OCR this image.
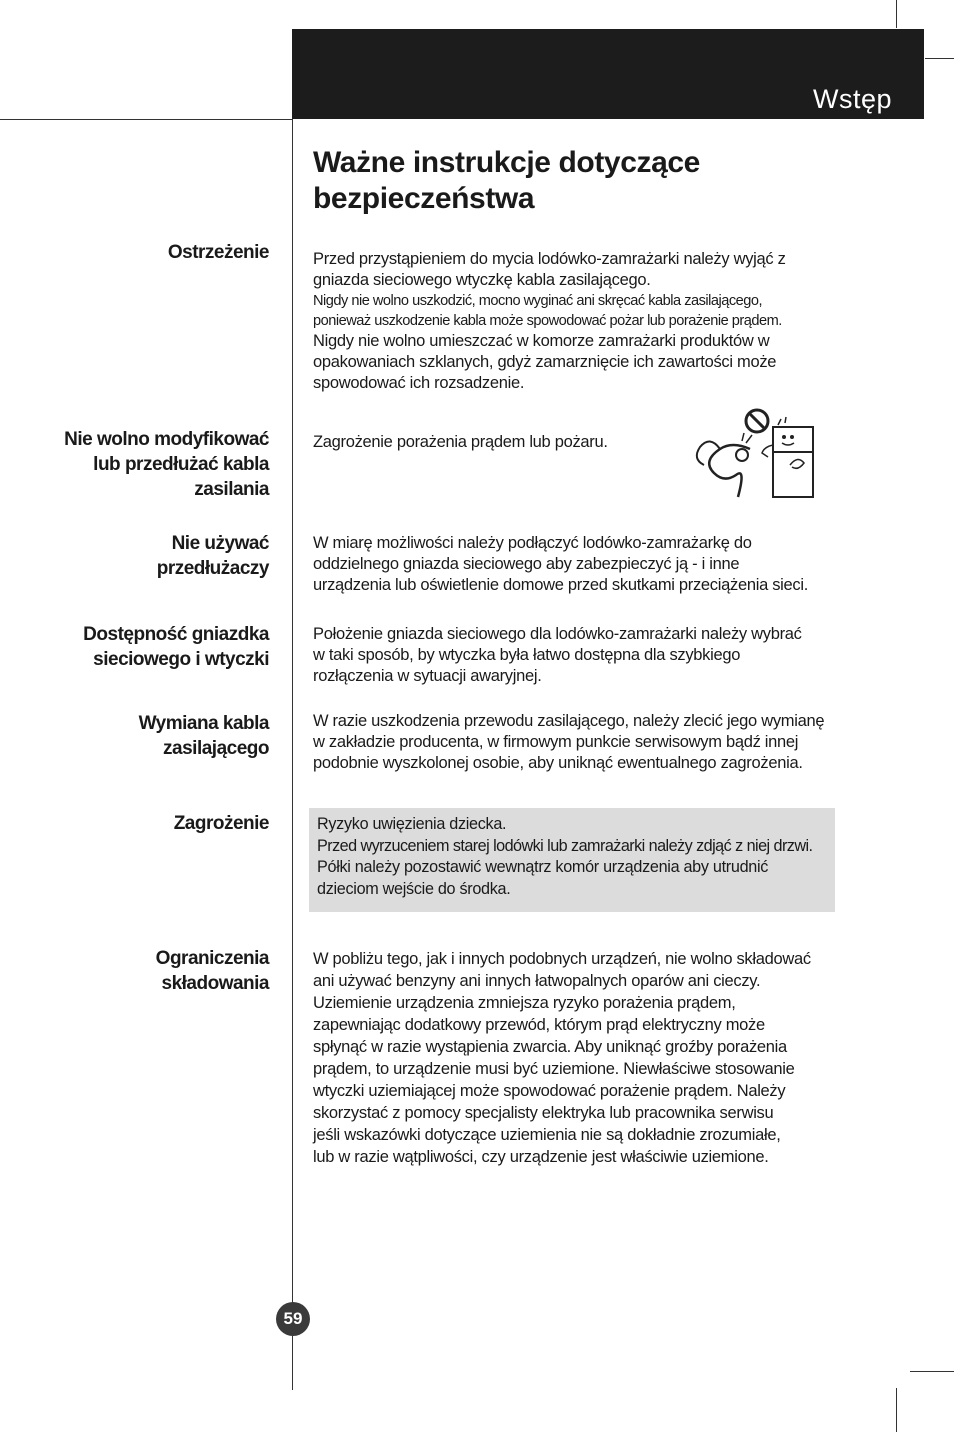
Wstęp
Ważne instrukcje dotyczące
bezpieczeństwa
Ostrzeżenie	Przed przystąpieniem do mycia lodówko-zamrażarki należy wyjąć z
gniazda sieciowego wtyczkę kabla zasilającego.
Nigdy nie wolno uszkodzić, mocno wyginać ani skręcać kabla zasilającego,
ponieważ uszkodzenie kabla może spowodować pożar lub porażenie prądem.
Nigdy nie wolno umieszczać w komorze zamrażarki produktów w
opakowaniach szklanych, gdyż zamarznięcie ich zawartości może
spowodować ich rozsadzenie.
Nie wolno modyfikować
lub przedłużać kabla
zasilania
Zagrożenie porażenia prądem lub pożaru.
Nie używać
przedłużaczy
W miarę możliwości należy podłączyć lodówko-zamrażarkę do
oddzielnego gniazda sieciowego aby zabezpieczyć ją - i inne
urządzenia lub oświetlenie domowe przed skutkami przeciążenia sieci.
Dostępność gniazdka
sieciowego i wtyczki
Położenie gniazda sieciowego dla lodówko-zamrażarki należy wybrać
w taki sposób, by wtyczka była łatwo dostępna dla szybkiego
rozłączenia w sytuacji awaryjnej.
Wymiana kabla
zasilającego
W razie uszkodzenia przewodu zasilającego, należy zlecić jego wymianę
w zakładzie producenta, w firmowym punkcie serwisowym bądź innej
podobnie wyszkolonej osobie, aby uniknąć ewentualnego zagrożenia.
Zagrożenie	Ryzyko uwięzienia dziecka.
Przed wyrzuceniem starej lodówki lub zamrażarki należy zdjąć z niej drzwi.
Półki należy pozostawić wewnątrz komór urządzenia aby utrudnić
dzieciom wejście do środka.
Ograniczenia
składowania
W pobliżu tego, jak i innych podobnych urządzeń, nie wolno składować
ani używać benzyny ani innych łatwopalnych oparów ani cieczy.
Uziemienie urządzenia zmniejsza ryzyko porażenia prądem,
zapewniając dodatkowy przewód, którym prąd elektryczny może
spłynąć w razie wystąpienia zwarcia. Aby uniknąć groźby porażenia
prądem, to urządzenie musi być uziemione. Niewłaściwe stosowanie
wtyczki uziemiającej może spowodować porażenie prądem. Należy
skorzystać z pomocy specjalisty elektryka lub pracownika serwisu
jeśli wskazówki dotyczące uziemienia nie są dokładnie zrozumiałe,
lub w razie wątpliwości, czy urządzenie jest właściwie uziemione.
59
